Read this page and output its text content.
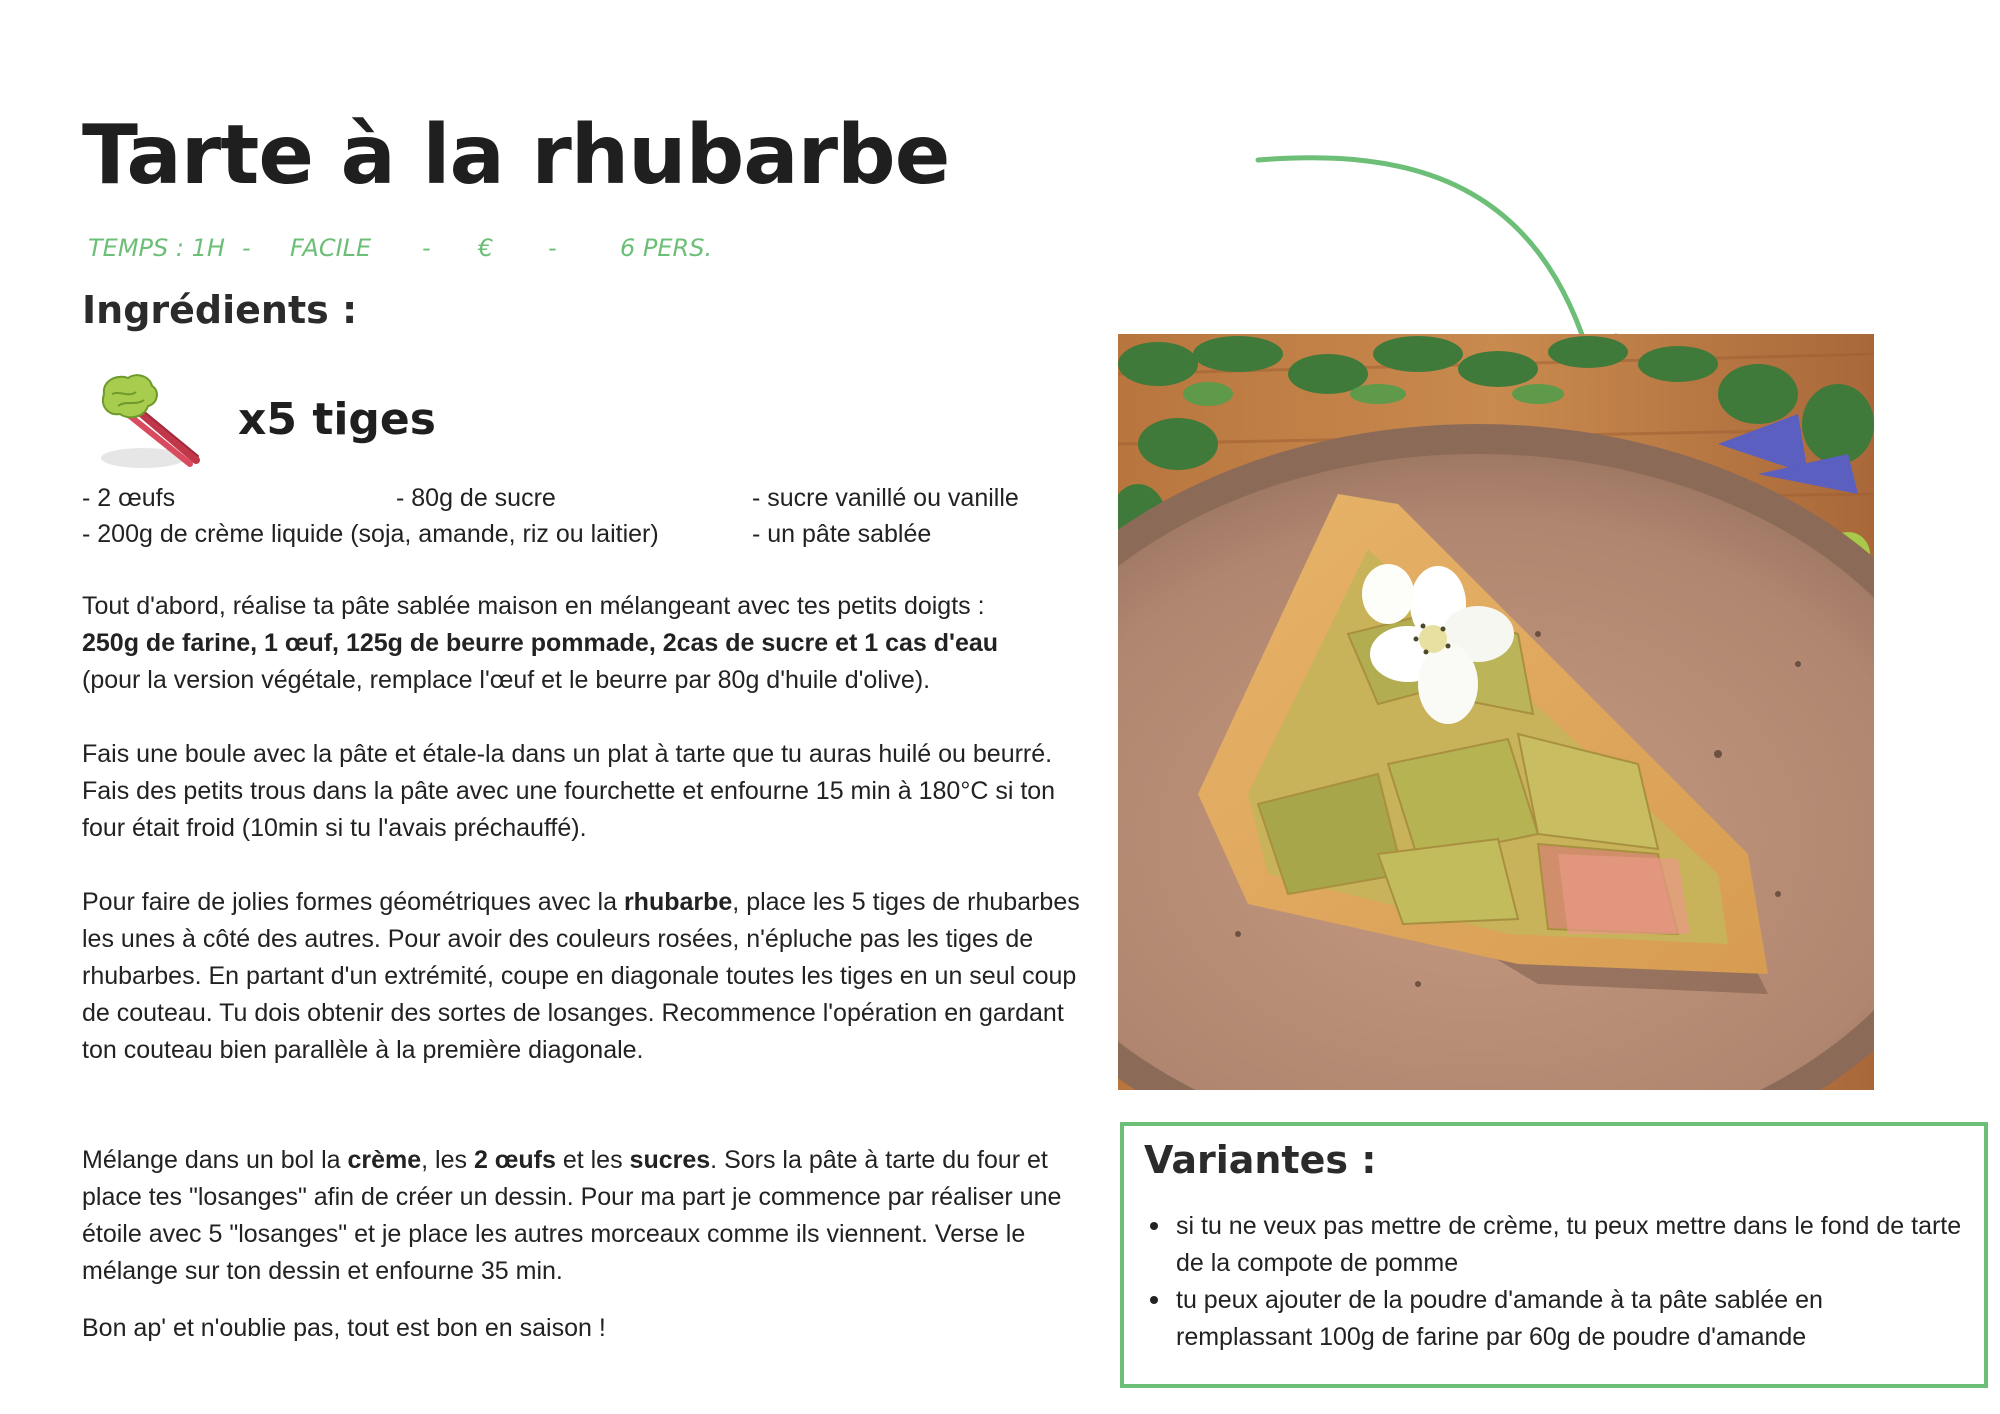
Tarte à la rhubarbe
TEMPS : 1H - FACILE - € -	6 PERS.
Ingrédients :
x5 tiges
- 2 œufs	- 80g de sucre	- sucre vanillé ou vanille
- 200g de crème liquide (soja, amande, riz ou laitier)	- un pâte sablée
Tout d'abord, réalise ta pâte sablée maison en mélangeant avec tes petits doigts :
250g de farine, 1 œuf, 125g de beurre pommade, 2cas de sucre et 1 cas d'eau
(pour la version végétale, remplace l'œuf et le beurre par 80g d'huile d'olive).
Fais une boule avec la pâte et étale-la dans un plat à tarte que tu auras huilé ou beurré. Fais des petits trous dans la pâte avec une fourchette et enfourne 15 min à 180°C si ton four était froid (10min si tu l'avais préchauffé).
Pour faire de jolies formes géométriques avec la rhubarbe, place les 5 tiges de rhubarbes les unes à côté des autres. Pour avoir des couleurs rosées, n'épluche pas les tiges de rhubarbes. En partant d'un extrémité, coupe en diagonale toutes les tiges en un seul coup de couteau. Tu dois obtenir des sortes de losanges. Recommence l'opération en gardant ton couteau bien parallèle à la première diagonale.
Mélange dans un bol la crème, les 2 œufs et les sucres. Sors la pâte à tarte du four et place tes "losanges" afin de créer un dessin. Pour ma part je commence par réaliser une étoile avec 5 "losanges" et je place les autres morceaux comme ils viennent. Verse le mélange sur ton dessin et enfourne 35 min.
Bon ap' et n'oublie pas, tout est bon en saison !
Variantes :
si tu ne veux pas mettre de crème, tu peux mettre dans le fond de tarte de la compote de pomme
tu peux ajouter de la poudre d'amande à ta pâte sablée en remplassant 100g de farine par 60g de poudre d'amande
